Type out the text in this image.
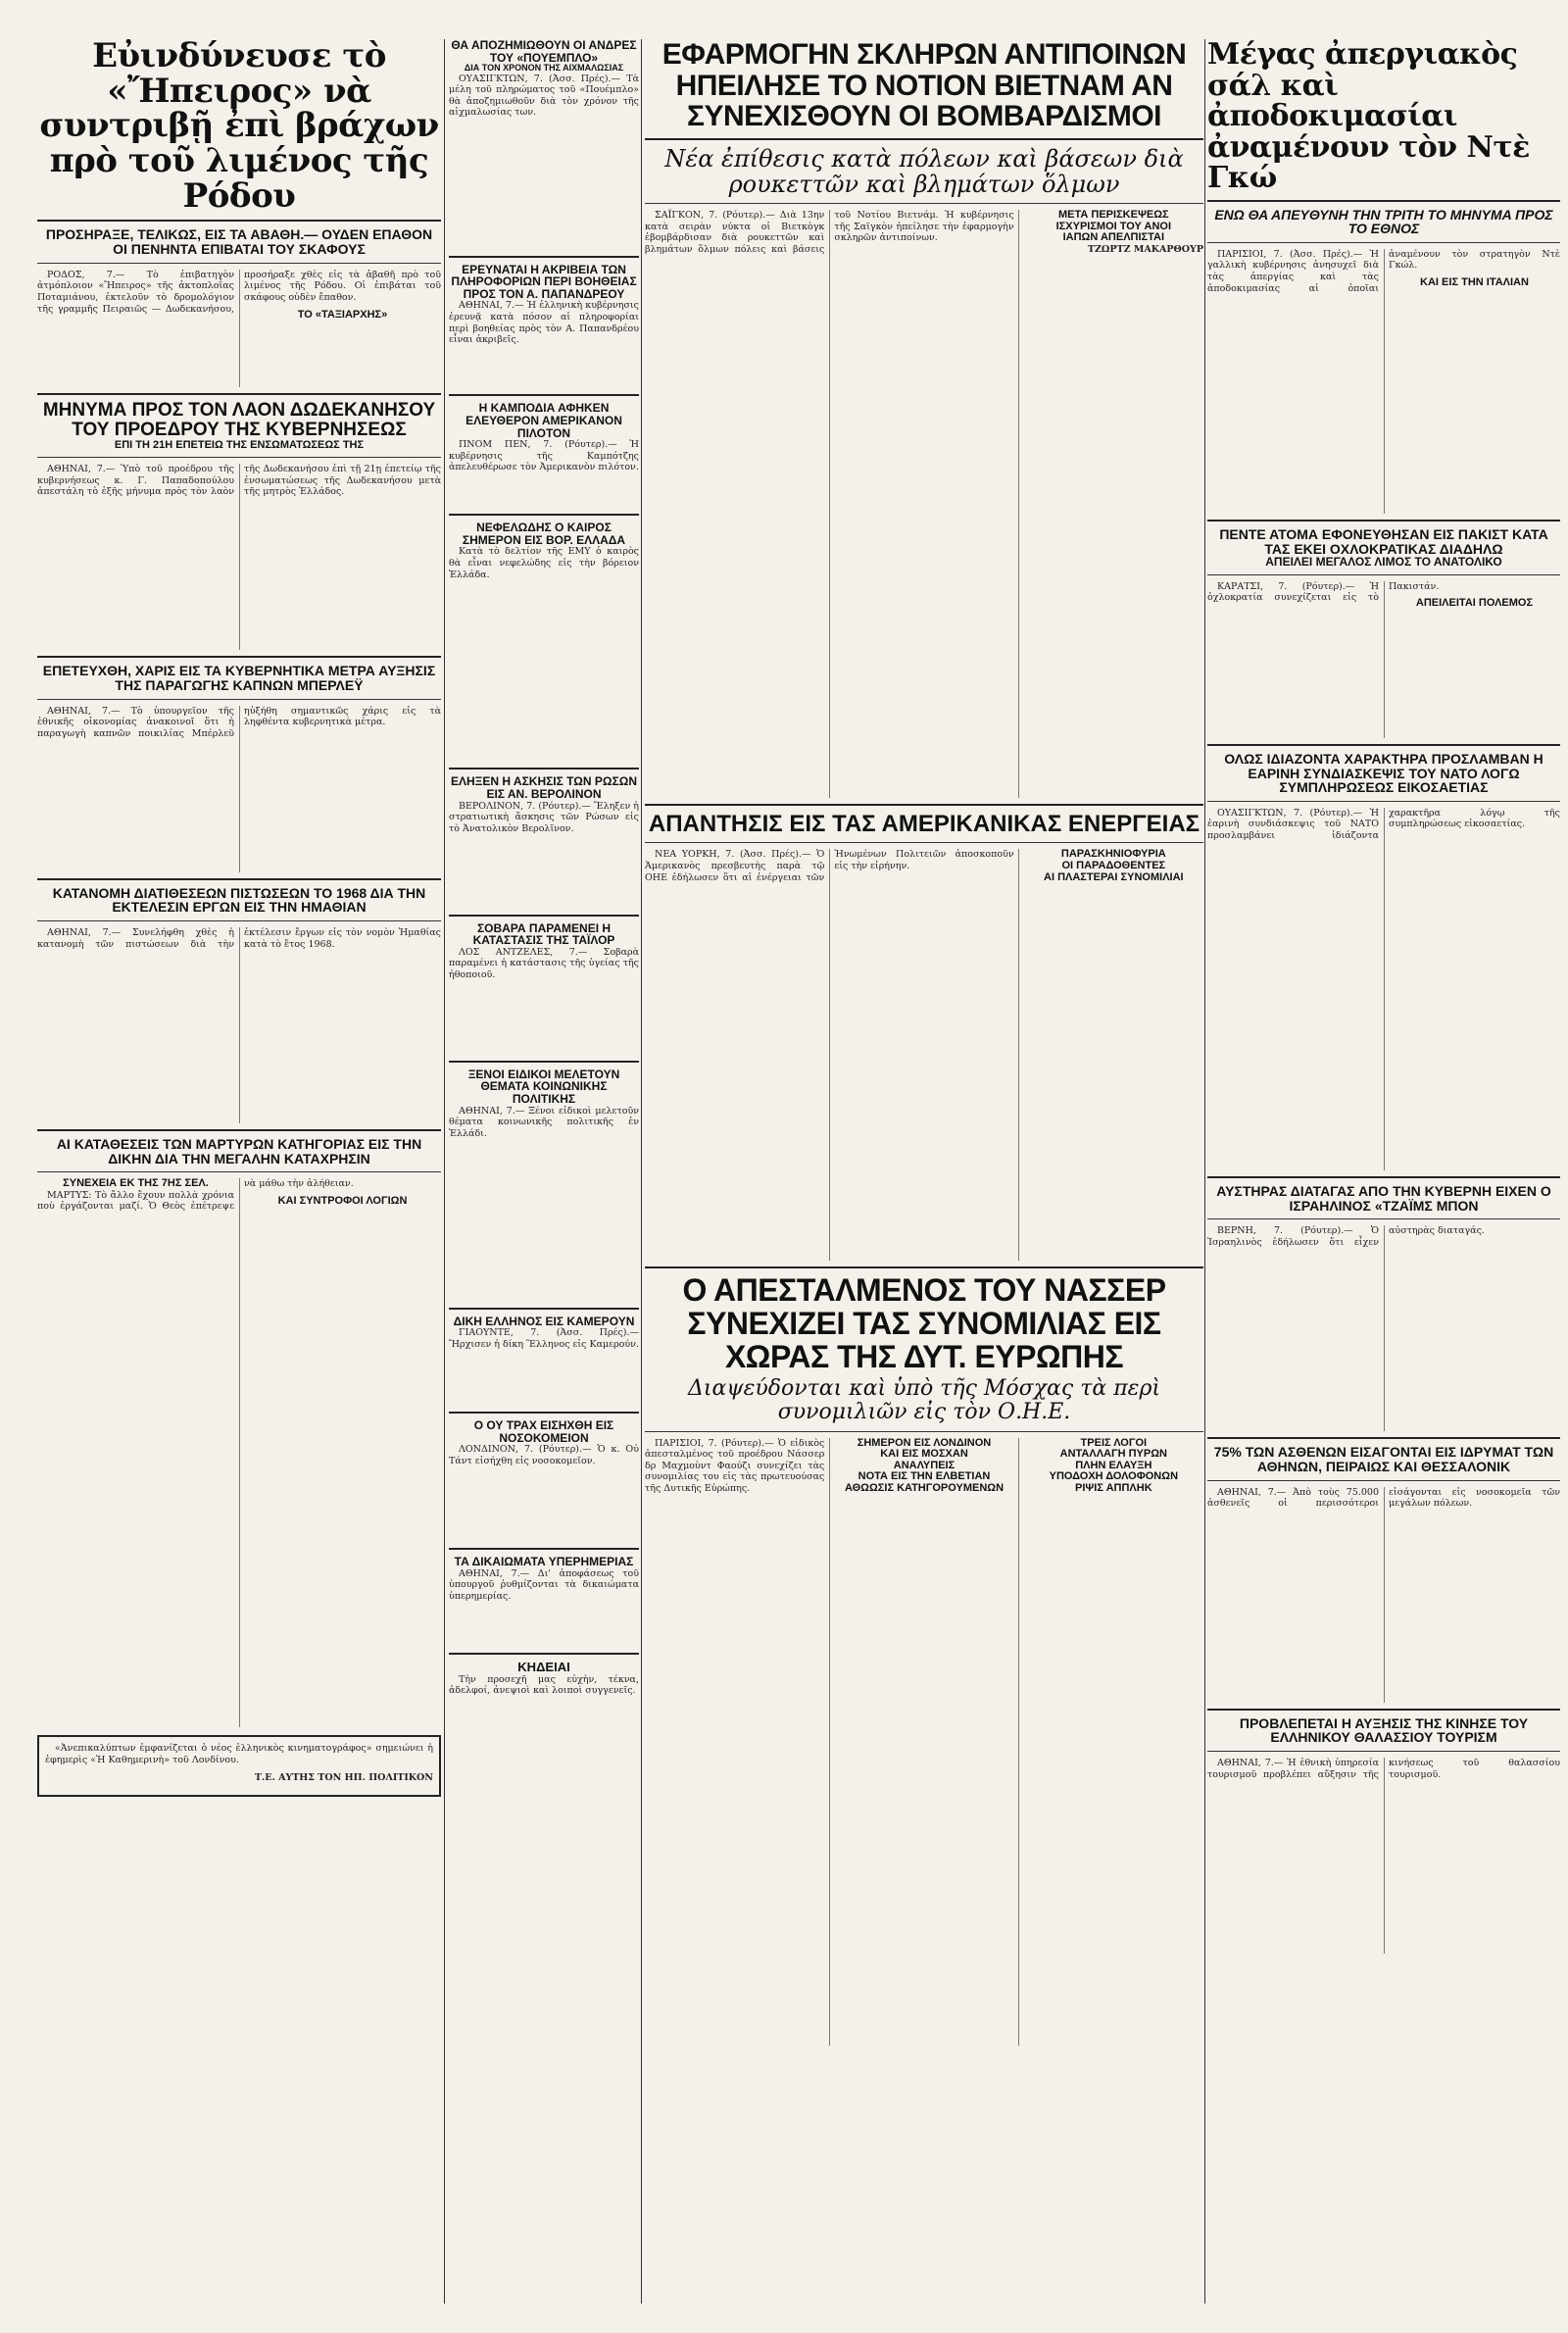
Εὐινδύνευσε τὸ «Ἤπειρος» νὰ συντριβῇ ἐπὶ βράχων πρὸ τοῦ λιμένος τῆς Ρόδου
ΠΡΟΣΗΡΑΞΕ, ΤΕΛΙΚΩΣ, ΕΙΣ ΤΑ ΑΒΑΘΗ.— ΟΥΔΕΝ ΕΠΑΘΟΝ ΟΙ ΠΕΝΗΝΤΑ ΕΠΙΒΑΤΑΙ ΤΟΥ ΣΚΑΦΟΥΣ

ΡΟΔΟΣ, 7.— Τὸ ἐπιβατηγὸν ἀτμόπλοιον «Ἤπειρος» τῆς ἀκτοπλοΐας Ποταμιάνου, ἐκτελοῦν τὸ δρομολόγιον τῆς γραμμῆς Πειραιῶς — Δωδεκανήσου, προσήραξε χθὲς εἰς τὰ ἀβαθῆ πρὸ τοῦ λιμένος τῆς Ρόδου. Οἱ ἐπιβάται τοῦ σκάφους οὐδὲν ἔπαθον.

ΤΟ «ΤΑΞΙΑΡΧΗΣ»
ΜΗΝΥΜΑ ΠΡΟΣ ΤΟΝ ΛΑΟΝ ΔΩΔΕΚΑΝΗΣΟΥ ΤΟΥ ΠΡΟΕΔΡΟΥ ΤΗΣ ΚΥΒΕΡΝΗΣΕΩΣ
ΕΠΙ ΤΗ 21Η ΕΠΕΤΕΙΩ ΤΗΣ ΕΝΣΩΜΑΤΩΣΕΩΣ ΤΗΣ

ΑΘΗΝΑΙ, 7.— Ὑπὸ τοῦ προέδρου τῆς κυβερνήσεως κ. Γ. Παπαδοπούλου ἀπεστάλη τὸ ἑξῆς μήνυμα πρὸς τὸν λαὸν τῆς Δωδεκανήσου ἐπὶ τῇ 21ῃ ἐπετείῳ τῆς ἐνσωματώσεως τῆς Δωδεκανήσου μετὰ τῆς μητρὸς Ἑλλάδος.

ΕΠΕΤΕΥΧΘΗ, ΧΑΡΙΣ ΕΙΣ ΤΑ ΚΥΒΕΡΝΗΤΙΚΑ ΜΕΤΡΑ ΑΥΞΗΣΙΣ ΤΗΣ ΠΑΡΑΓΩΓΗΣ ΚΑΠΝΩΝ ΜΠΕΡΛΕΫ

ΑΘΗΝΑΙ, 7.— Τὸ ὑπουργεῖον τῆς ἐθνικῆς οἰκονομίας ἀνακοινοῖ ὅτι ἡ παραγωγὴ καπνῶν ποικιλίας Μπέρλεϋ ηὐξήθη σημαντικῶς χάρις εἰς τὰ ληφθέντα κυβερνητικὰ μέτρα.

ΚΑΤΑΝΟΜΗ ΔΙΑΤΙΘΕΣΕΩΝ ΠΙΣΤΩΣΕΩΝ ΤΟ 1968 ΔΙΑ ΤΗΝ ΕΚΤΕΛΕΣΙΝ ΕΡΓΩΝ ΕΙΣ ΤΗΝ ΗΜΑΘΙΑΝ

ΑΘΗΝΑΙ, 7.— Συνελήφθη χθὲς ἡ κατανομὴ τῶν πιστώσεων διὰ τὴν ἐκτέλεσιν ἔργων εἰς τὸν νομὸν Ἡμαθίας κατὰ τὸ ἔτος 1968.

ΑΙ ΚΑΤΑΘΕΣΕΙΣ ΤΩΝ ΜΑΡΤΥΡΩΝ ΚΑΤΗΓΟΡΙΑΣ ΕΙΣ ΤΗΝ ΔΙΚΗΝ ΔΙΑ ΤΗΝ ΜΕΓΑΛΗΝ ΚΑΤΑΧΡΗΣΙΝ
ΣΥΝΕΧΕΙΑ ΕΚ ΤΗΣ 7ΗΣ ΣΕΛ.

ΜΑΡΤΥΣ: Τὸ ἄλλο ἔχουν πολλὰ χρόνια ποὺ ἐργάζονται μαζί. Ὁ Θεὸς ἐπέτρεψε νὰ μάθω τὴν ἀλήθειαν.

ΚΑΙ ΣΥΝΤΡΟΦΟΙ ΛΟΓΙΩΝ

«Ἀνεπικαλύπτων ἐμφανίζεται ὁ νέος ἑλληνικὸς κινηματογράφος» σημειώνει ἡ ἐφημερὶς «Ἡ Καθημερινὴ» τοῦ Λονδίνου.

Τ.Ε. ΑΥΤΗΣ ΤΟΝ ΗΠ. ΠΟΛΙΤΙΚΟΝ

ΘΑ ΑΠΟΖΗΜΙΩΘΟΥΝ ΟΙ ΑΝΔΡΕΣ ΤΟΥ «ΠΟΥΕΜΠΛΟ»
ΔΙΑ ΤΟΝ ΧΡΟΝΟΝ ΤΗΣ ΑΙΧΜΑΛΩΣΙΑΣ

ΟΥΑΣΙΓΚΤΩΝ, 7. (Ἀσσ. Πρές).— Τὰ μέλη τοῦ πληρώματος τοῦ «Πουέμπλο» θὰ ἀποζημιωθοῦν διὰ τὸν χρόνον τῆς αἰχμαλωσίας των.

ΕΡΕΥΝΑΤΑΙ Η ΑΚΡΙΒΕΙΑ ΤΩΝ ΠΛΗΡΟΦΟΡΙΩΝ ΠΕΡΙ ΒΟΗΘΕΙΑΣ ΠΡΟΣ ΤΟΝ Α. ΠΑΠΑΝΔΡΕΟΥ

ΑΘΗΝΑΙ, 7.— Ἡ ἑλληνικὴ κυβέρνησις ἐρευνᾷ κατὰ πόσον αἱ πληροφορίαι περὶ βοηθείας πρὸς τὸν Α. Παπανδρέου εἶναι ἀκριβεῖς.

Η ΚΑΜΠΟΔΙΑ ΑΦΗΚΕΝ ΕΛΕΥΘΕΡΟΝ ΑΜΕΡΙΚΑΝΟΝ ΠΙΛΟΤΟΝ

ΠΝΟΜ ΠΕΝ, 7. (Ρόυτερ).— Ἡ κυβέρνησις τῆς Καμπότζης ἀπελευθέρωσε τὸν Ἀμερικανὸν πιλότον.

ΝΕΦΕΛΩΔΗΣ Ο ΚΑΙΡΟΣ ΣΗΜΕΡΟΝ ΕΙΣ ΒΟΡ. ΕΛΛΑΔΑ

Κατὰ τὸ δελτίον τῆς ΕΜΥ ὁ καιρὸς θὰ εἶναι νεφελώδης εἰς τὴν βόρειον Ἑλλάδα.

ΕΛΗΞΕΝ Η ΑΣΚΗΣΙΣ ΤΩΝ ΡΩΣΩΝ ΕΙΣ ΑΝ. ΒΕΡΟΛΙΝΟΝ

ΒΕΡΟΛΙΝΟΝ, 7. (Ρόυτερ).— Ἔληξεν ἡ στρατιωτικὴ ἄσκησις τῶν Ρώσων εἰς τὸ Ἀνατολικὸν Βερολῖνον.

ΣΟΒΑΡΑ ΠΑΡΑΜΕΝΕΙ Η ΚΑΤΑΣΤΑΣΙΣ ΤΗΣ ΤΑΪΛΟΡ

ΛΟΣ ΑΝΤΖΕΛΕΣ, 7.— Σοβαρὰ παραμένει ἡ κατάστασις τῆς ὑγείας τῆς ἠθοποιοῦ.

ΞΕΝΟΙ ΕΙΔΙΚΟΙ ΜΕΛΕΤΟΥΝ ΘΕΜΑΤΑ ΚΟΙΝΩΝΙΚΗΣ ΠΟΛΙΤΙΚΗΣ

ΑΘΗΝΑΙ, 7.— Ξένοι εἰδικοὶ μελετοῦν θέματα κοινωνικῆς πολιτικῆς ἐν Ἑλλάδι.

ΔΙΚΗ ΕΛΛΗΝΟΣ ΕΙΣ ΚΑΜΕΡΟΥΝ

ΓΙΑΟΥΝΤΕ, 7. (Ἀσσ. Πρές).— Ἤρχισεν ἡ δίκη Ἕλληνος εἰς Καμερούν.

Ο ΟΥ ΤΡΑΧ ΕΙΣΗΧΘΗ ΕΙΣ ΝΟΣΟΚΟΜΕΙΟΝ

ΛΟΝΔΙΝΟΝ, 7. (Ρόυτερ).— Ὁ κ. Οὐ Τάντ εἰσήχθη εἰς νοσοκομεῖον.

ΤΑ ΔΙΚΑΙΩΜΑΤΑ ΥΠΕΡΗΜΕΡΙΑΣ

ΑΘΗΝΑΙ, 7.— Δι' ἀποφάσεως τοῦ ὑπουργοῦ ῥυθμίζονται τὰ δικαιώματα ὑπερημερίας.

ΚΗΔΕΙΑΙ

Τὴν προσεχῆ μας εὐχὴν, τέκνα, ἀδελφοί, ἀνεψιοὶ καὶ λοιποὶ συγγενεῖς.

ΕΦΑΡΜΟΓΗΝ ΣΚΛΗΡΩΝ ΑΝΤΙΠΟΙΝΩΝ ΗΠΕΙΛΗΣΕ ΤΟ ΝΟΤΙΟΝ ΒΙΕΤΝΑΜ ΑΝ ΣΥΝΕΧΙΣΘΟΥΝ ΟΙ ΒΟΜΒΑΡΔΙΣΜΟΙ
Νέα ἐπίθεσις κατὰ πόλεων καὶ βάσεων διὰ ρουκεττῶν καὶ βλημάτων ὅλμων

ΣΑΪΓΚΟΝ, 7. (Ρόυτερ).— Διὰ 13ην κατὰ σειρὰν νύκτα οἱ Βιετκὸγκ ἐβομβάρδισαν διὰ ρουκεττῶν καὶ βλημάτων ὅλμων πόλεις καὶ βάσεις τοῦ Νοτίου Βιετνάμ. Ἡ κυβέρνησις τῆς Σαϊγκὸν ἠπείλησε τὴν ἐφαρμογὴν σκληρῶν ἀντιποίνων.

ΜΕΤΑ ΠΕΡΙΣΚΕΨΕΩΣ
ΙΣΧΥΡΙΣΜΟΙ ΤΟΥ ΑΝΟΙ
ΙΑΠΩΝ ΑΠΕΛΠΙΣΤΑΙ

ΤΖΩΡΤΖ ΜΑΚΑΡΘΟΥΡ

ΑΠΑΝΤΗΣΙΣ ΕΙΣ ΤΑΣ ΑΜΕΡΙΚΑΝΙΚΑΣ ΕΝΕΡΓΕΙΑΣ

ΝΕΑ ΥΟΡΚΗ, 7. (Ἀσσ. Πρές).— Ὁ Ἀμερικανὸς πρεσβευτὴς παρὰ τῷ ΟΗΕ ἐδήλωσεν ὅτι αἱ ἐνέργειαι τῶν Ἡνωμένων Πολιτειῶν ἀποσκοποῦν εἰς τὴν εἰρήνην.

ΠΑΡΑΣΚΗΝΙΟΦΥΡΙΑ
ΟΙ ΠΑΡΑΔΟΘΕΝΤΕΣ
ΑΙ ΠΛΑΣΤΕΡΑΙ ΣΥΝΟΜΙΛΙΑΙ
Ο ΑΠΕΣΤΑΛΜΕΝΟΣ ΤΟΥ ΝΑΣΣΕΡ ΣΥΝΕΧΙΖΕΙ ΤΑΣ ΣΥΝΟΜΙΛΙΑΣ ΕΙΣ ΧΩΡΑΣ ΤΗΣ ΔΥΤ. ΕΥΡΩΠΗΣ
Διαψεύδονται καὶ ὑπὸ τῆς Μόσχας τὰ περὶ συνομιλιῶν εἰς τὸν Ο.Η.Ε.

ΠΑΡΙΣΙΟΙ, 7. (Ρόυτερ).— Ὁ εἰδικὸς ἀπεσταλμένος τοῦ προέδρου Νάσσερ δρ Μαχμοὺντ Φαούζι συνεχίζει τὰς συνομιλίας του εἰς τὰς πρωτευούσας τῆς Δυτικῆς Εὐρώπης.

ΣΗΜΕΡΟΝ ΕΙΣ ΛΟΝΔΙΝΟΝ
ΚΑΙ ΕΙΣ ΜΟΣΧΑΝ
ΑΝΑΛΥΠΕΙΣ
ΝΟΤΑ ΕΙΣ ΤΗΝ ΕΛΒΕΤΙΑΝ
ΑΘΩΩΣΙΣ ΚΑΤΗΓΟΡΟΥΜΕΝΩΝ
ΤΡΕΙΣ ΛΟΓΟΙ
ΑΝΤΑΛΛΑΓΗ ΠΥΡΩΝ
ΠΛΗΝ ΕΛΑΥΞΗ
ΥΠΟΔΟΧΗ ΔΟΛΟΦΟΝΩΝ
ΡΙΨΙΣ ΑΠΠΛΗΚ
Μέγας ἀπεργιακὸς σάλ καὶ ἀποδοκιμασίαι ἀναμένουν τὸν Ντὲ Γκώ
ΕΝΩ ΘΑ ΑΠΕΥΘΥΝΗ ΤΗΝ ΤΡΙΤΗ ΤΟ ΜΗΝΥΜΑ ΠΡΟΣ ΤΟ ΕΘΝΟΣ

ΠΑΡΙΣΙΟΙ, 7. (Ἀσσ. Πρές).— Ἡ γαλλικὴ κυβέρνησις ἀνησυχεῖ διὰ τὰς ἀπεργίας καὶ τὰς ἀποδοκιμασίας αἱ ὁποῖαι ἀναμένουν τὸν στρατηγὸν Ντὲ Γκώλ.

ΚΑΙ ΕΙΣ ΤΗΝ ΙΤΑΛΙΑΝ
ΠΕΝΤΕ ΑΤΟΜΑ ΕΦΟΝΕΥΘΗΣΑΝ ΕΙΣ ΠΑΚΙΣΤ ΚΑΤΑ ΤΑΣ ΕΚΕΙ ΟΧΛΟΚΡΑΤΙΚΑΣ ΔΙΑΔΗΛΩ
ΑΠΕΙΛΕΙ ΜΕΓΑΛΟΣ ΛΙΜΟΣ ΤΟ ΑΝΑΤΟΛΙΚΟ

ΚΑΡΑΤΣΙ, 7. (Ρόυτερ).— Ἡ ὀχλοκρατία συνεχίζεται εἰς τὸ Πακιστάν.

ΑΠΕΙΛΕΙΤΑΙ ΠΟΛΕΜΟΣ
ΟΛΩΣ ΙΔΙΑΖΟΝΤΑ ΧΑΡΑΚΤΗΡΑ ΠΡΟΣΛΑΜΒΑΝ Η ΕΑΡΙΝΗ ΣΥΝΔΙΑΣΚΕΨΙΣ ΤΟΥ ΝΑΤΟ ΛΟΓΩ ΣΥΜΠΛΗΡΩΣΕΩΣ ΕΙΚΟΣΑΕΤΙΑΣ

ΟΥΑΣΙΓΚΤΩΝ, 7. (Ρόυτερ).— Ἡ ἐαρινὴ συνδιάσκεψις τοῦ ΝΑΤΟ προσλαμβάνει ἰδιάζοντα χαρακτῆρα λόγῳ τῆς συμπληρώσεως εἰκοσαετίας.

ΑΥΣΤΗΡΑΣ ΔΙΑΤΑΓΑΣ ΑΠΟ ΤΗΝ ΚΥΒΕΡΝΗ ΕΙΧΕΝ Ο ΙΣΡΑΗΛΙΝΟΣ «ΤΖΑΪΜΣ ΜΠΟΝ

ΒΕΡΝΗ, 7. (Ρόυτερ).— Ὁ Ἰσραηλινὸς ἐδήλωσεν ὅτι εἶχεν αὐστηρὰς διαταγάς.

75% ΤΩΝ ΑΣΘΕΝΩΝ ΕΙΣΑΓΟΝΤΑΙ ΕΙΣ ΙΔΡΥΜΑΤ ΤΩΝ ΑΘΗΝΩΝ, ΠΕΙΡΑΙΩΣ ΚΑΙ ΘΕΣΣΑΛΟΝΙΚ

ΑΘΗΝΑΙ, 7.— Ἀπὸ τοὺς 75.000 ἀσθενεῖς οἱ περισσότεροι εἰσάγονται εἰς νοσοκομεῖα τῶν μεγάλων πόλεων.

ΠΡΟΒΛΕΠΕΤΑΙ Η ΑΥΞΗΣΙΣ ΤΗΣ ΚΙΝΗΣΕ ΤΟΥ ΕΛΛΗΝΙΚΟΥ ΘΑΛΑΣΣΙΟΥ ΤΟΥΡΙΣΜ

ΑΘΗΝΑΙ, 7.— Ἡ ἐθνικὴ ὑπηρεσία τουρισμοῦ προβλέπει αὔξησιν τῆς κινήσεως τοῦ θαλασσίου τουρισμοῦ.
